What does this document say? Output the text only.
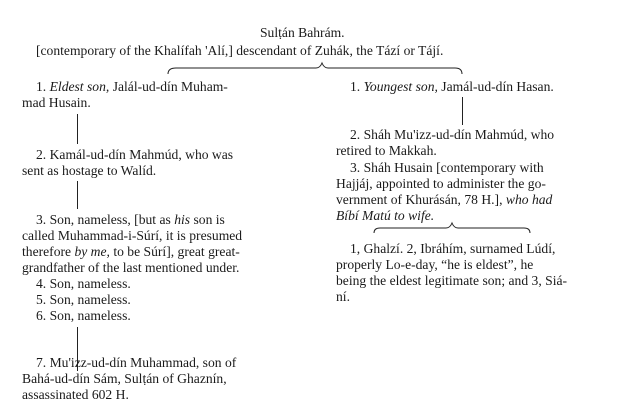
Sulṭán Bahrám.
[contemporary of the Khalífah 'Alí,] descendant of Zuhák, the Tází or Tájí.
1. Eldest son, Jalál-ud-dín Muham-
mad Husain.
2. Kamál-ud-dín Mahmúd, who was
sent as hostage to Walíd.
3. Son, nameless, [but as his son is
called Muhammad-i-Súrí, it is presumed
therefore by me, to be Súrí], great great-
grandfather of the last mentioned under.
4. Son, nameless.
5. Son, nameless.
6. Son, nameless.
7. Mu'izz-ud-dín Muhammad, son of
Bahá-ud-dín Sám, Sulṭán of Ghaznín,
assassinated 602 H.
1. Youngest son, Jamál-ud-dín Hasan.
2. Sháh Mu'izz-ud-dín Mahmúd, who
retired to Makkah.
3. Sháh Husain [contemporary with
Hajjáj, appointed to administer the go-
vernment of Khurásán, 78 H.], who had
Bíbí Matú to wife.
1, Ghalzí. 2, Ibráhím, surnamed Lúdí,
properly Lo-e-day, “he is eldest”, he
being the eldest legitimate son; and 3, Siá-
ní.
